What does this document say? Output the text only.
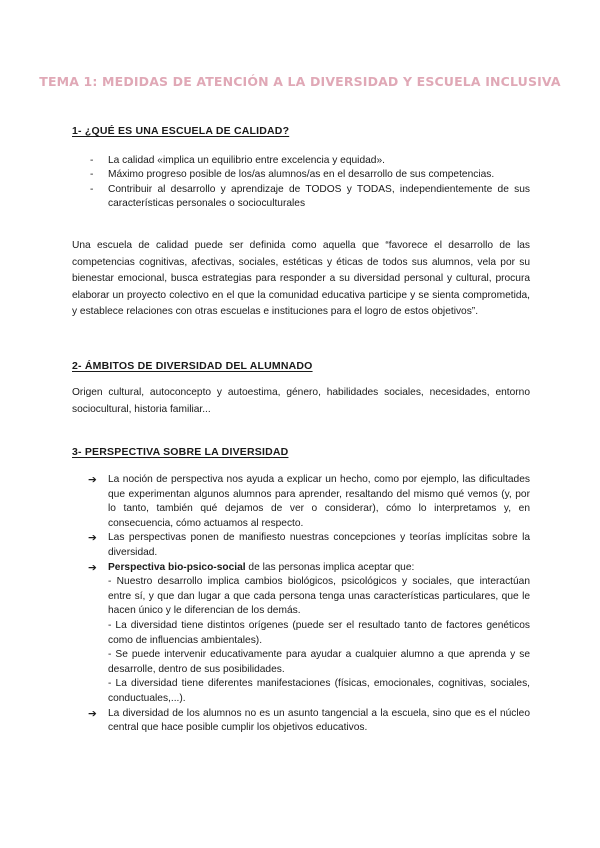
TEMA 1: MEDIDAS DE ATENCIÓN A LA DIVERSIDAD Y ESCUELA INCLUSIVA
1- ¿QUÉ ES UNA ESCUELA DE CALIDAD?
- La calidad «implica un equilibrio entre excelencia y equidad».
- Máximo progreso posible de los/as alumnos/as en el desarrollo de sus competencias.
- Contribuir al desarrollo y aprendizaje de TODOS y TODAS, independientemente de sus características personales o socioculturales
Una escuela de calidad puede ser definida como aquella que “favorece el desarrollo de las competencias cognitivas, afectivas, sociales, estéticas y éticas de todos sus alumnos, vela por su bienestar emocional, busca estrategias para responder a su diversidad personal y cultural, procura elaborar un proyecto colectivo en el que la comunidad educativa participe y se sienta comprometida, y establece relaciones con otras escuelas e instituciones para el logro de estos objetivos”.
2- ÁMBITOS DE DIVERSIDAD DEL ALUMNADO
Origen cultural, autoconcepto y autoestima, género, habilidades sociales, necesidades, entorno sociocultural, historia familiar...
3- PERSPECTIVA SOBRE LA DIVERSIDAD
➔ La noción de perspectiva nos ayuda a explicar un hecho, como por ejemplo, las dificultades que experimentan algunos alumnos para aprender, resaltando del mismo qué vemos (y, por lo tanto, también qué dejamos de ver o considerar), cómo lo interpretamos y, en consecuencia, cómo actuamos al respecto.
➔ Las perspectivas ponen de manifiesto nuestras concepciones y teorías implícitas sobre la diversidad.
➔ Perspectiva bio-psico-social de las personas implica aceptar que:
- Nuestro desarrollo implica cambios biológicos, psicológicos y sociales, que interactúan entre sí, y que dan lugar a que cada persona tenga unas características particulares, que le hacen único y le diferencian de los demás.
- La diversidad tiene distintos orígenes (puede ser el resultado tanto de factores genéticos como de influencias ambientales).
- Se puede intervenir educativamente para ayudar a cualquier alumno a que aprenda y se desarrolle, dentro de sus posibilidades.
- La diversidad tiene diferentes manifestaciones (físicas, emocionales, cognitivas, sociales, conductuales,...).
➔ La diversidad de los alumnos no es un asunto tangencial a la escuela, sino que es el núcleo central que hace posible cumplir los objetivos educativos.
